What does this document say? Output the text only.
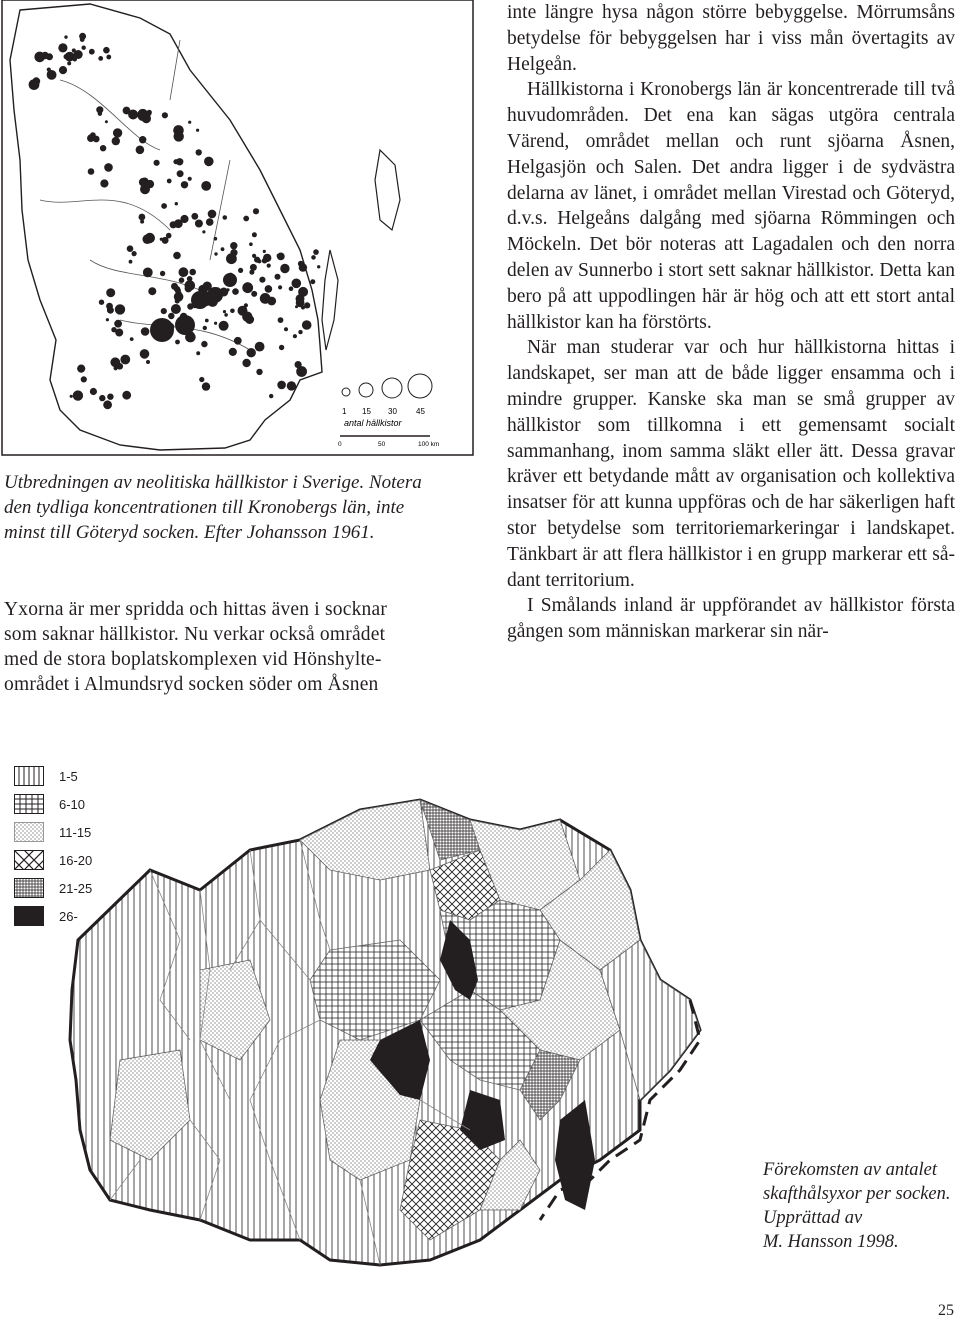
1 15 30 45
antal hällkistor
0	50	100 km
Utbredningen av neolitiska hällkistor i Sverige. Notera
den tydliga koncentrationen till Kronobergs län, inte
minst till Göteryd socken. Efter Johansson 1961.
Yxorna är mer spridda och hittas även i socknar
som saknar hällkistor. Nu verkar också området
med de stora boplatskomplexen vid Hönshylte-
området i Almundsryd socken söder om Åsnen

inte längre hysa någon större bebyggelse. Mörrumsåns betydelse för bebyggelsen har i viss mån övertagits av Helgeån.

Hällkistorna i Kronobergs län är koncentrerade till två huvudområden. Det ena kan sägas utgöra centrala Värend, området mellan och runt sjöarna Åsnen, Helgasjön och Salen. Det andra ligger i de sydvästra delarna av länet, i området mellan Virestad och Göteryd, d.v.s. Helgeåns dalgång med sjöarna Römmingen och Möckeln. Det bör noteras att Lagadalen och den norra delen av Sunnerbo i stort sett saknar hällkistor. Detta kan bero på att uppodlingen här är hög och att ett stort antal hällkistor kan ha förstörts.

När man studerar var och hur hällkistorna hittas i landskapet, ser man att de både ligger ensamma och i mindre grupper. Kanske ska man se små grupper av hällkistor som tillkomna i ett gemensamt socialt sammanhang, inom samma släkt eller ätt. Dessa gravar kräver ett betydande mått av organisation och kollektiva insatser för att kunna uppföras och de har säkerligen haft stor betydelse som territoriemarkeringar i landskapet. Tänkbart är att flera hällkistor i en grupp markerar ett sådant territorium.

I Smålands inland är uppförandet av hällkistor första gången som människan markerar sin när-

1-5
6-10
11-15
16-20
21-25
26-
Förekomsten av antalet
skafthålsyxor per socken.
Upprättad av
M. Hansson 1998.
25
